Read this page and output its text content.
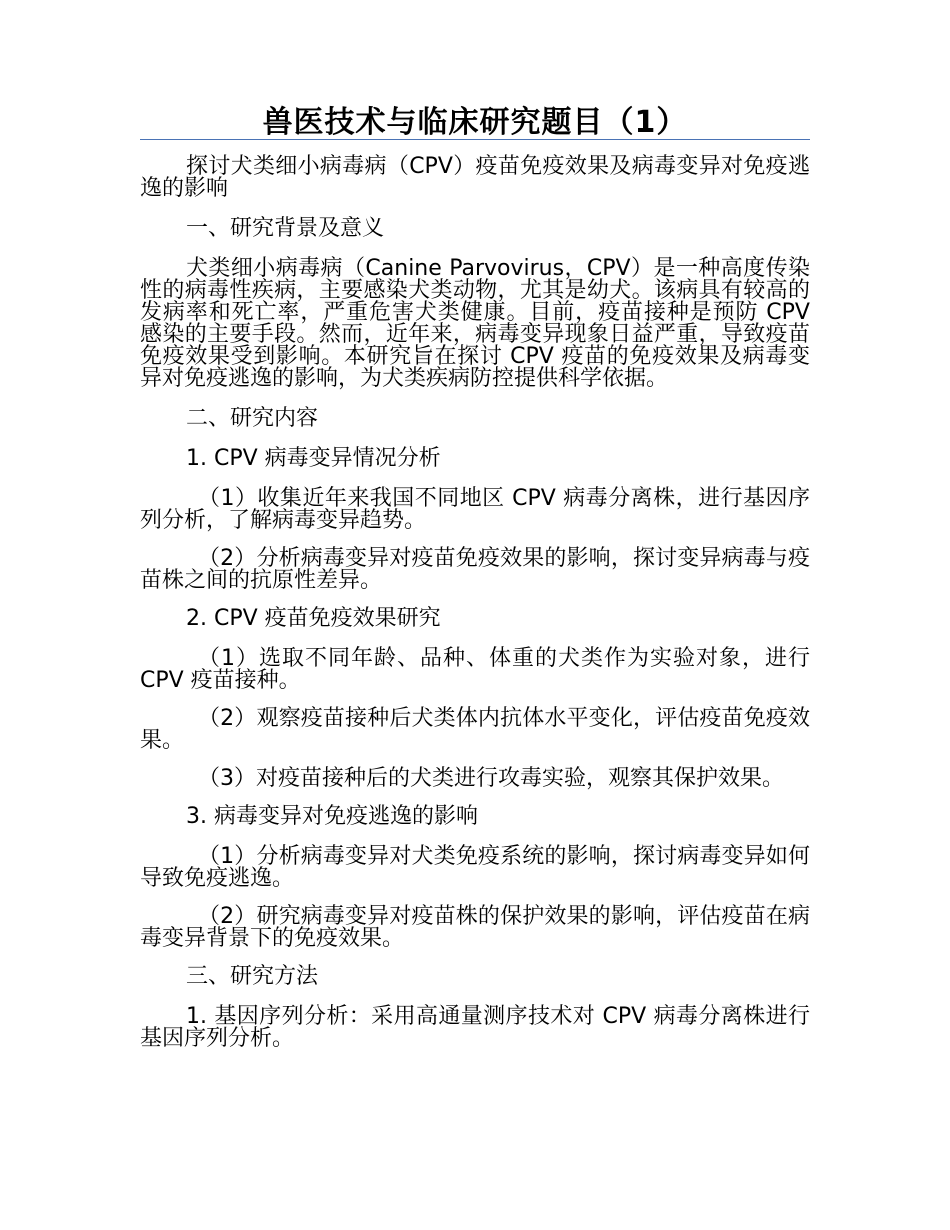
兽医技术与临床研究题目（1）

探讨犬类细小病毒病（CPV）疫苗免疫效果及病毒变异对免疫逃逸的影响

一、研究背景及意义

犬类细小病毒病（Canine Parvovirus，CPV）是一种高度传染性的病毒性疾病，主要感染犬类动物，尤其是幼犬。该病具有较高的发病率和死亡率，严重危害犬类健康。目前，疫苗接种是预防 CPV 感染的主要手段。然而，近年来，病毒变异现象日益严重，导致疫苗免疫效果受到影响。本研究旨在探讨 CPV 疫苗的免疫效果及病毒变异对免疫逃逸的影响，为犬类疾病防控提供科学依据。

二、研究内容

1. CPV 病毒变异情况分析

（1）收集近年来我国不同地区 CPV 病毒分离株，进行基因序列分析，了解病毒变异趋势。

（2）分析病毒变异对疫苗免疫效果的影响，探讨变异病毒与疫苗株之间的抗原性差异。

2. CPV 疫苗免疫效果研究

（1）选取不同年龄、品种、体重的犬类作为实验对象，进行 CPV 疫苗接种。

（2）观察疫苗接种后犬类体内抗体水平变化，评估疫苗免疫效果。

（3）对疫苗接种后的犬类进行攻毒实验，观察其保护效果。

3. 病毒变异对免疫逃逸的影响

（1）分析病毒变异对犬类免疫系统的影响，探讨病毒变异如何导致免疫逃逸。

（2）研究病毒变异对疫苗株的保护效果的影响，评估疫苗在病毒变异背景下的免疫效果。

三、研究方法

1. 基因序列分析：采用高通量测序技术对 CPV 病毒分离株进行基因序列分析。
